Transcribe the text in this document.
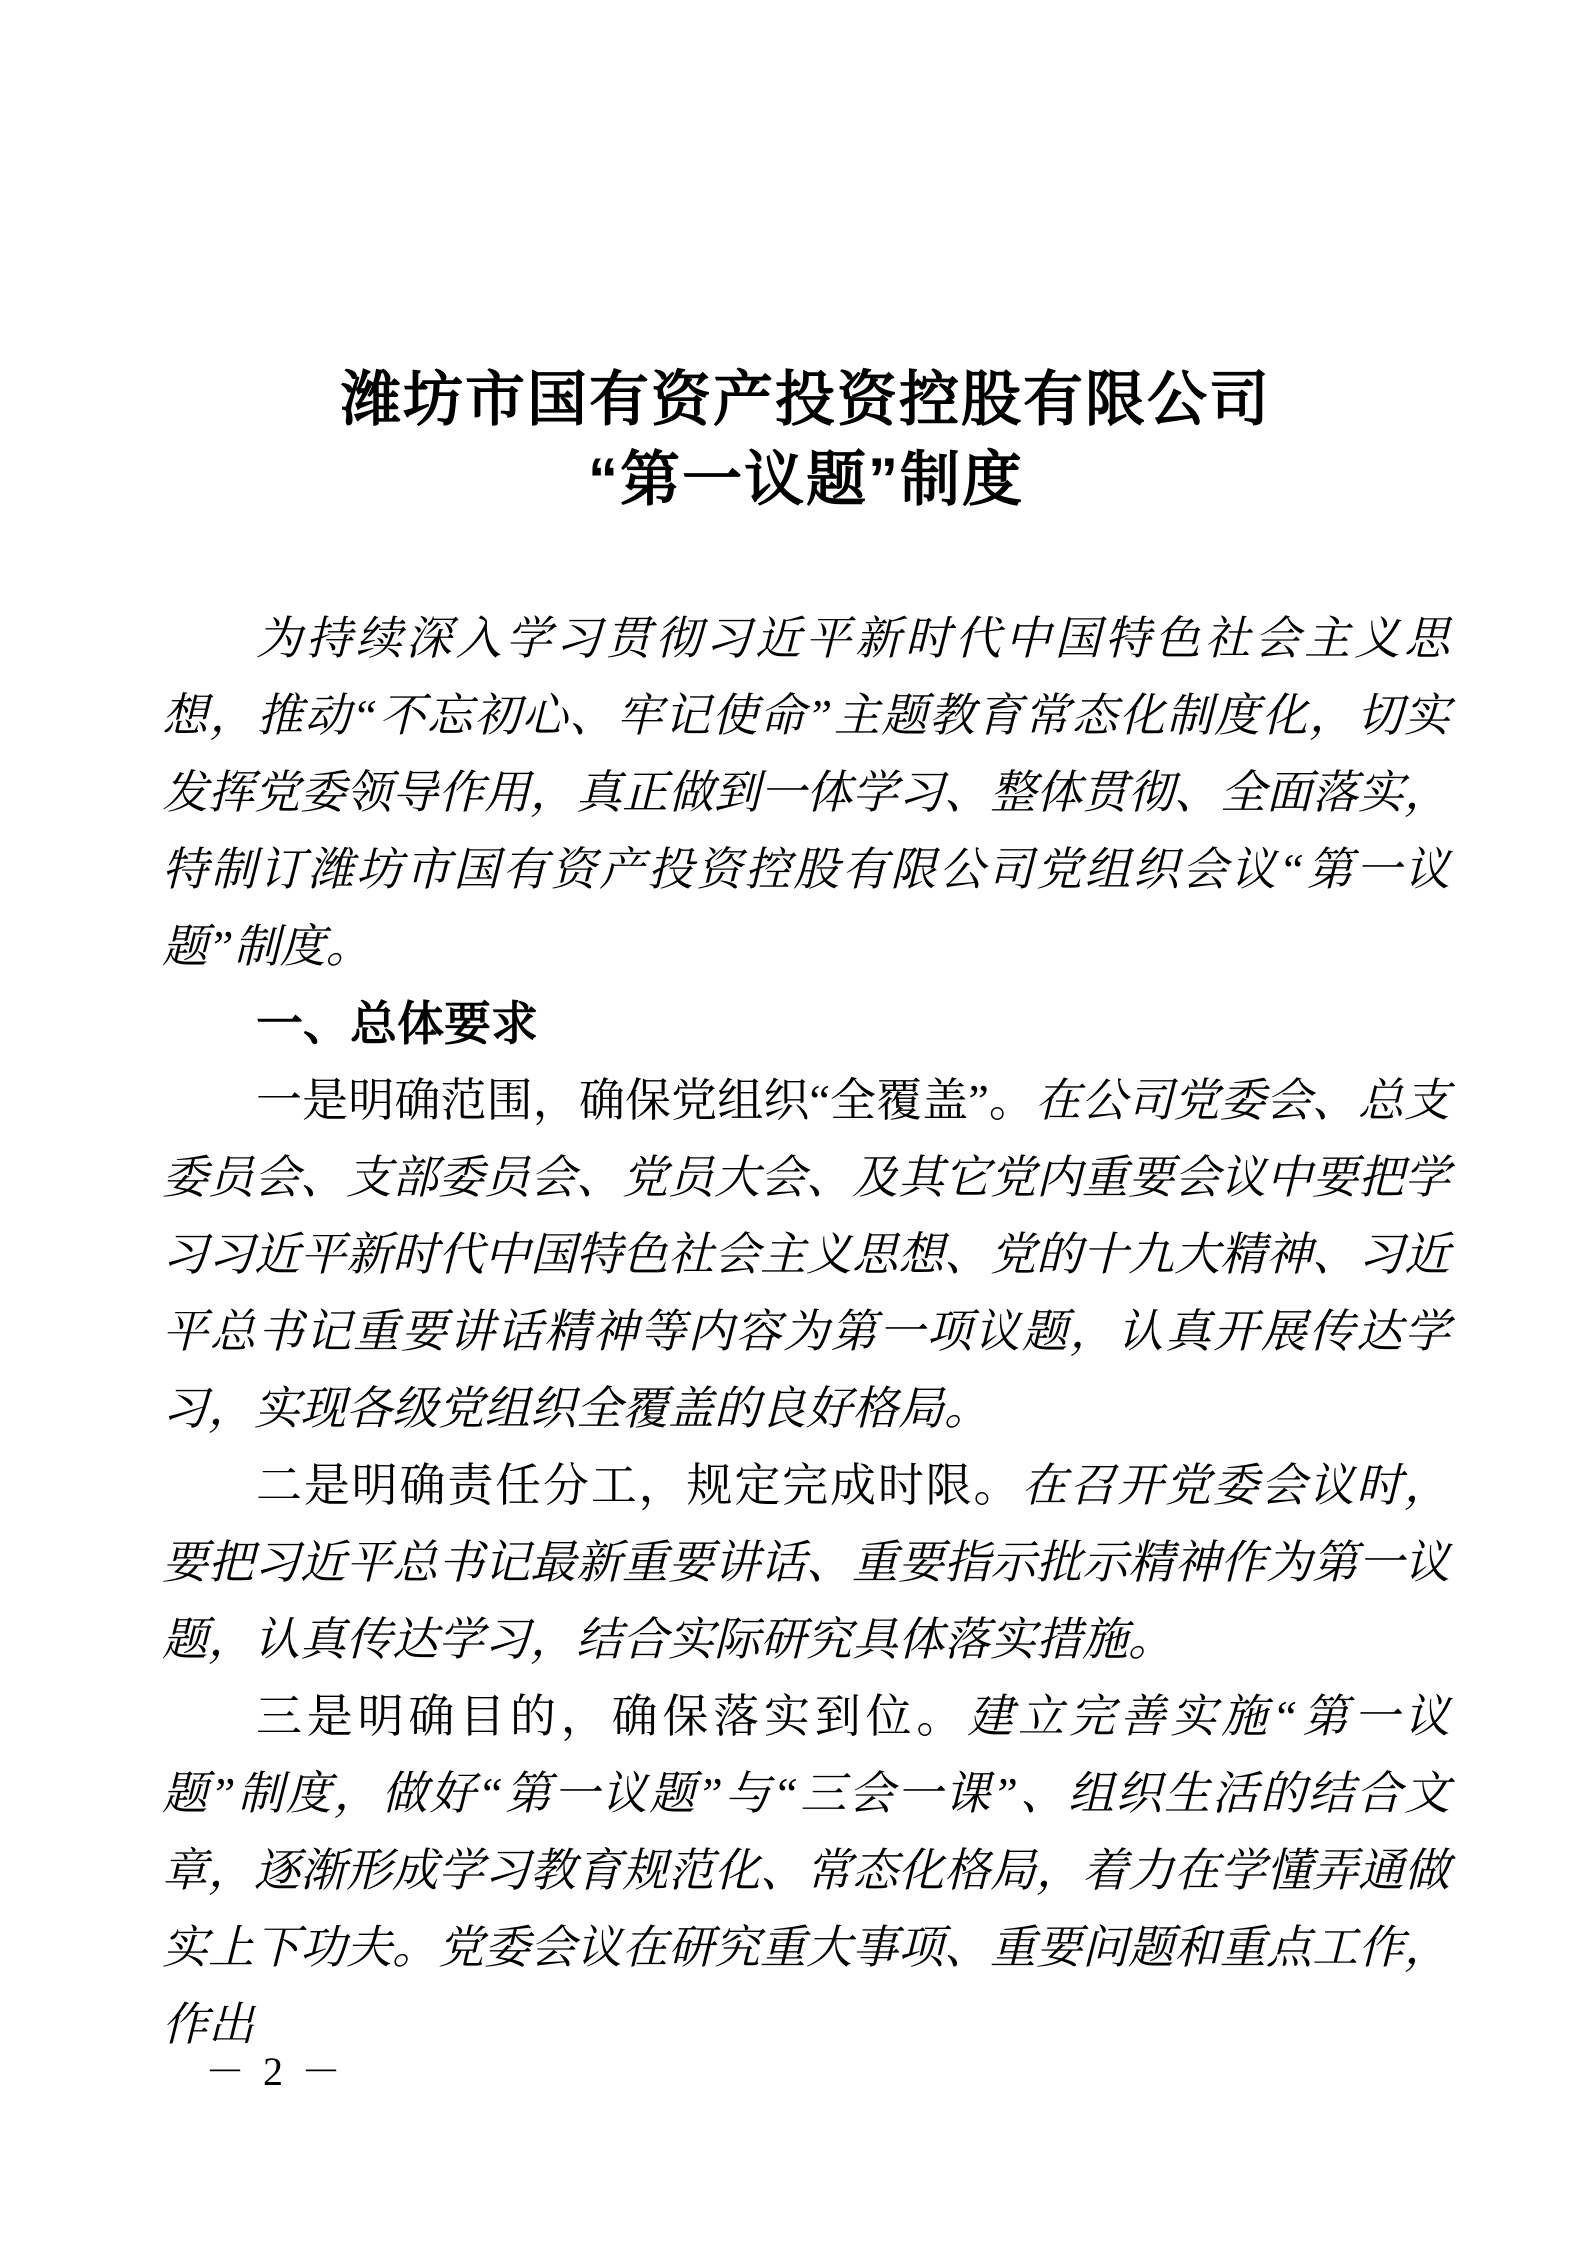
潍坊市国有资产投资控股有限公司
“第一议题”制度

为持续深入学习贯彻习近平新时代中国特色社会主义思想，推动“不忘初心、牢记使命”主题教育常态化制度化，切实发挥党委领导作用，真正做到一体学习、整体贯彻、全面落实，特制订潍坊市国有资产投资控股有限公司党组织会议“第一议题”制度。

一、总体要求

一是明确范围，确保党组织“全覆盖”。在公司党委会、总支委员会、支部委员会、党员大会、及其它党内重要会议中要把学习习近平新时代中国特色社会主义思想、党的十九大精神、习近平总书记重要讲话精神等内容为第一项议题，认真开展传达学习，实现各级党组织全覆盖的良好格局。

二是明确责任分工，规定完成时限。在召开党委会议时，要把习近平总书记最新重要讲话、重要指示批示精神作为第一议题，认真传达学习，结合实际研究具体落实措施。

三是明确目的，确保落实到位。建立完善实施“第一议题”制度，做好“第一议题”与“三会一课”、组织生活的结合文章，逐渐形成学习教育规范化、常态化格局，着力在学懂弄通做实上下功夫。党委会议在研究重大事项、重要问题和重点工作，作出

－ 2 －
